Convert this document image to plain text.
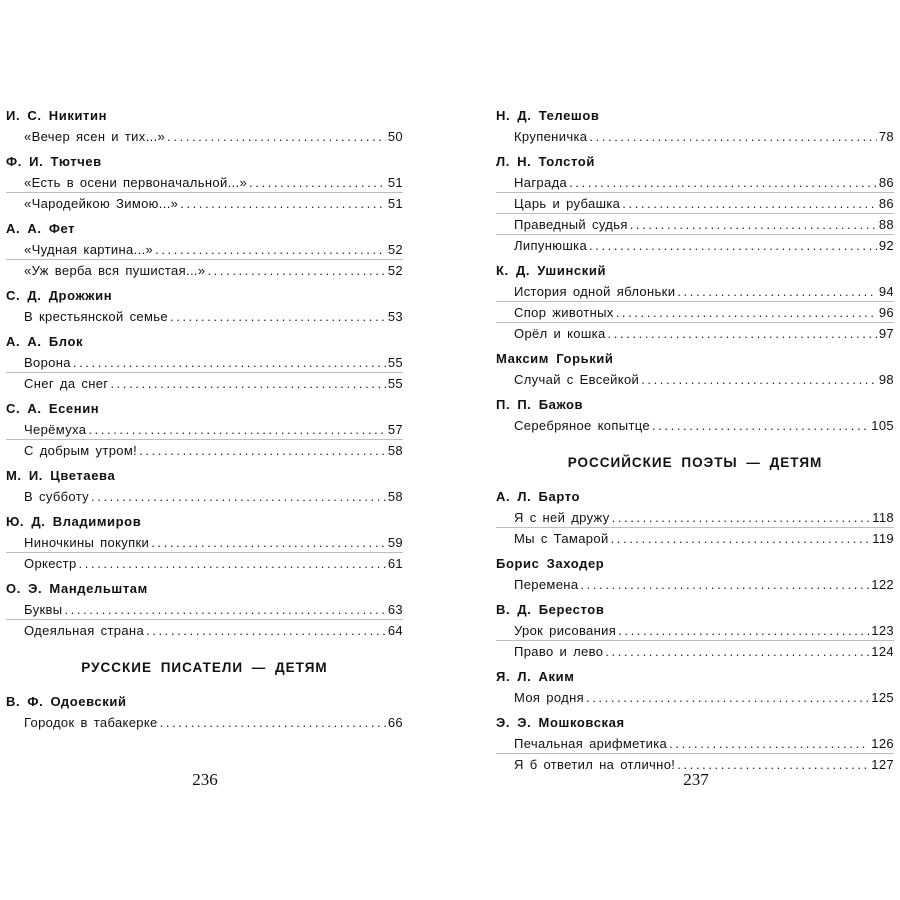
И. С. Никитин
«Вечер ясен и тих...» .....	50
Ф. И. Тютчев
«Есть в осени первоначальной...» .....	51
«Чародейкою Зимою...» .....	51
А. А. Фет
«Чудная картина...» .....	52
«Уж верба вся пушистая...» .....	52
С. Д. Дрожжин
В крестьянской семье .....	53
А. А. Блок
Ворона .....	55
Снег да снег .....	55
С. А. Есенин
Черёмуха .....	57
С добрым утром! .....	58
М. И. Цветаева
В субботу .....	58
Ю. Д. Владимиров
Ниночкины покупки .....	59
Оркестр .....	61
О. Э. Мандельштам
Буквы .....	63
Одеяльная страна .....	64
РУССКИЕ ПИСАТЕЛИ — ДЕТЯМ
В. Ф. Одоевский
Городок в табакерке .....	66
Н. Д. Телешов
Крупеничка .....	78
Л. Н. Толстой
Награда .....	86
Царь и рубашка .....	86
Праведный судья .....	88
Липунюшка .....	92
К. Д. Ушинский
История одной яблоньки .....	94
Спор животных .....	96
Орёл и кошка .....	97
Максим Горький
Случай с Евсейкой .....	98
П. П. Бажов
Серебряное копытце .....	105
РОССИЙСКИЕ ПОЭТЫ — ДЕТЯМ
А. Л. Барто
Я с ней дружу .....	118
Мы с Тамарой .....	119
Борис Заходер
Перемена .....	122
В. Д. Берестов
Урок рисования .....	123
Право и лево .....	124
Я. Л. Аким
Моя родня .....	125
Э. Э. Мошковская
Печальная арифметика .....	126
Я б ответил на отлично! .....	127
236	237
